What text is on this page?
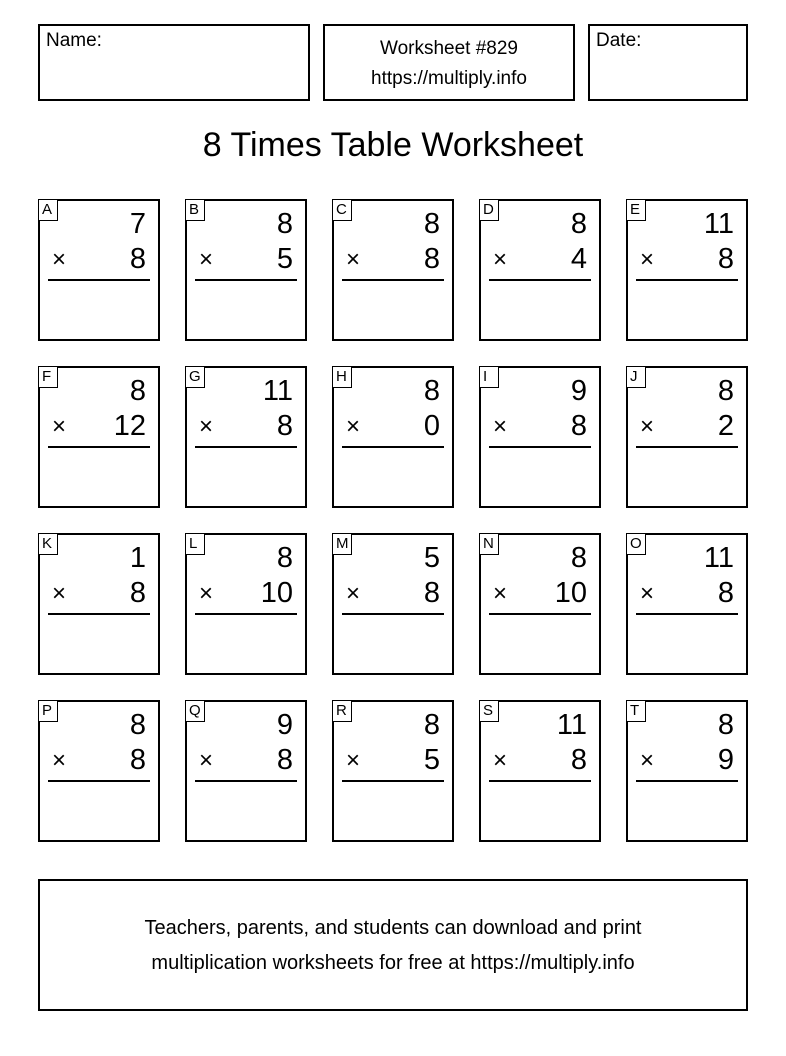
Name:	Worksheet #829
https://multiply.info
Date:
8 Times Table Worksheet
A	7
× 8
B	8
× 5
C	8
× 8
D	8
× 4
E 11
× 8
F	8
× 12
G 11
× 8
H	8
× 0
I	9
× 8
J	8
× 2
K	1
× 8
L	8
× 10
M	5
× 8
N	8
× 10
O 11
× 8
P	8
× 8
Q	9
× 8
R	8
× 5
S 11
× 8
T	8
× 9
Teachers, parents, and students can download and print
multiplication worksheets for free at https://multiply.info
